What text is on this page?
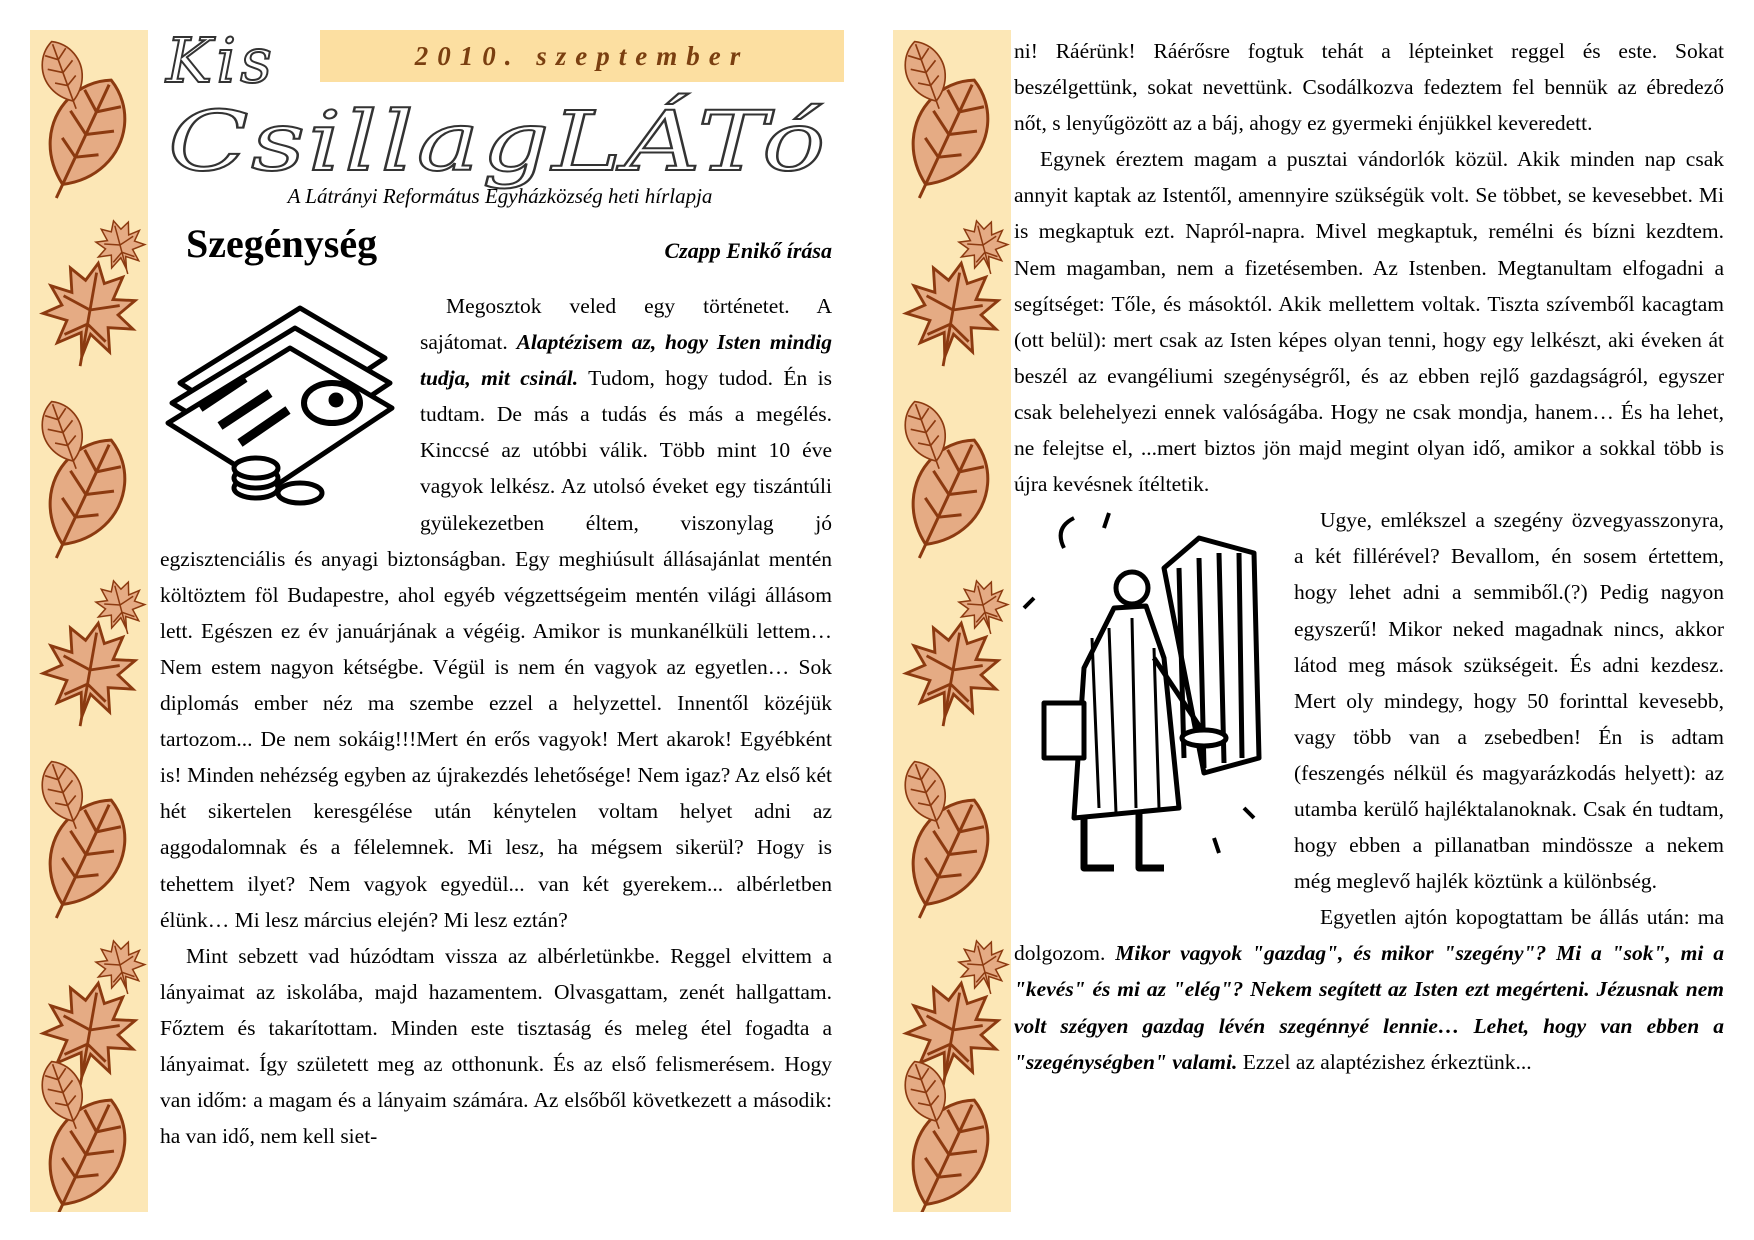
2010. szeptember
Kis
CsillagLÁTó
A Látrányi Református Egyházközség heti hírlapja
Szegénység	Czapp Enikő írása

Megosztok veled egy történetet. A sajátomat. Alaptézisem az, hogy Isten mindig tudja, mit csinál. Tudom, hogy tudod. Én is tudtam. De más a tudás és más a megélés. Kinccsé az utóbbi válik. Több mint 10 éve vagyok lelkész. Az utolsó éveket egy tiszántúli gyülekezetben éltem, viszonylag jó egzisztenciális és anyagi biztonságban. Egy meghiúsult állásajánlat mentén költöztem föl Budapestre, ahol egyéb végzettségeim mentén világi állásom lett. Egészen ez év januárjának a végéig. Amikor is munkanélküli lettem…Nem estem nagyon kétségbe. Végül is nem én vagyok az egyetlen… Sok diplomás ember néz ma szembe ezzel a helyzettel. Innentől közéjük tartozom... De nem sokáig!!!Mert én erős vagyok! Mert akarok! Egyébként is! Minden nehézség egyben az újrakezdés lehetősége! Nem igaz? Az első két hét sikertelen keresgélése után kénytelen voltam helyet adni az aggodalomnak és a félelemnek. Mi lesz, ha mégsem sikerül? Hogy is tehettem ilyet? Nem vagyok egyedül... van két gyerekem... albérletben élünk… Mi lesz március elején? Mi lesz eztán?

Mint sebzett vad húzódtam vissza az albérletünkbe. Reggel elvittem a lányaimat az iskolába, majd hazamentem. Olvasgattam, zenét hallgattam. Főztem és takarítottam. Minden este tisztaság és meleg étel fogadta a lányaimat. Így született meg az otthonunk. És az első felismerésem. Hogy van időm: a magam és a lányaim számára. Az elsőből következett a második: ha van idő, nem kell siet-

ni! Ráérünk! Ráérősre fogtuk tehát a lépteinket reggel és este. Sokat beszélgettünk, sokat nevettünk. Csodálkozva fedeztem fel bennük az ébredező nőt, s lenyűgözött az a báj, ahogy ez gyermeki énjükkel keveredett.

Egynek éreztem magam a pusztai vándorlók közül. Akik minden nap csak annyit kaptak az Istentől, amennyire szükségük volt. Se többet, se kevesebbet. Mi is megkaptuk ezt. Napról-napra. Mivel megkaptuk, remélni és bízni kezdtem. Nem magamban, nem a fizetésemben. Az Istenben. Megtanultam elfogadni a segítséget: Tőle, és másoktól. Akik mellettem voltak. Tiszta szívemből kacagtam (ott belül): mert csak az Isten képes olyan tenni, hogy egy lelkészt, aki éveken át beszél az evangéliumi szegénységről, és az ebben rejlő gazdagságról, egyszer csak belehelyezi ennek valóságába. Hogy ne csak mondja, hanem… És ha lehet, ne felejtse el, ...mert biztos jön majd megint olyan idő, amikor a sokkal több is újra kevésnek ítéltetik.

Ugye, emlékszel a szegény özvegyasszonyra, a két fillérével? Bevallom, én sosem értettem, hogy lehet adni a semmiből.(?) Pedig nagyon egyszerű! Mikor neked magadnak nincs, akkor látod meg mások szükségeit. És adni kezdesz. Mert oly mindegy, hogy 50 forinttal kevesebb, vagy több van a zsebedben! Én is adtam (feszengés nélkül és magyarázkodás helyett): az utamba kerülő hajléktalanoknak. Csak én tudtam, hogy ebben a pillanatban mindössze a nekem még meglevő hajlék köztünk a különbség.

Egyetlen ajtón kopogtattam be állás után: ma dolgozom. Mikor vagyok "gazdag", és mikor "szegény"? Mi a "sok", mi a "kevés" és mi az "elég"? Nekem segített az Isten ezt megérteni. Jézusnak nem volt szégyen gazdag lévén szegénnyé lennie… Lehet, hogy van ebben a "szegénységben" valami. Ezzel az alaptézishez érkeztünk...
